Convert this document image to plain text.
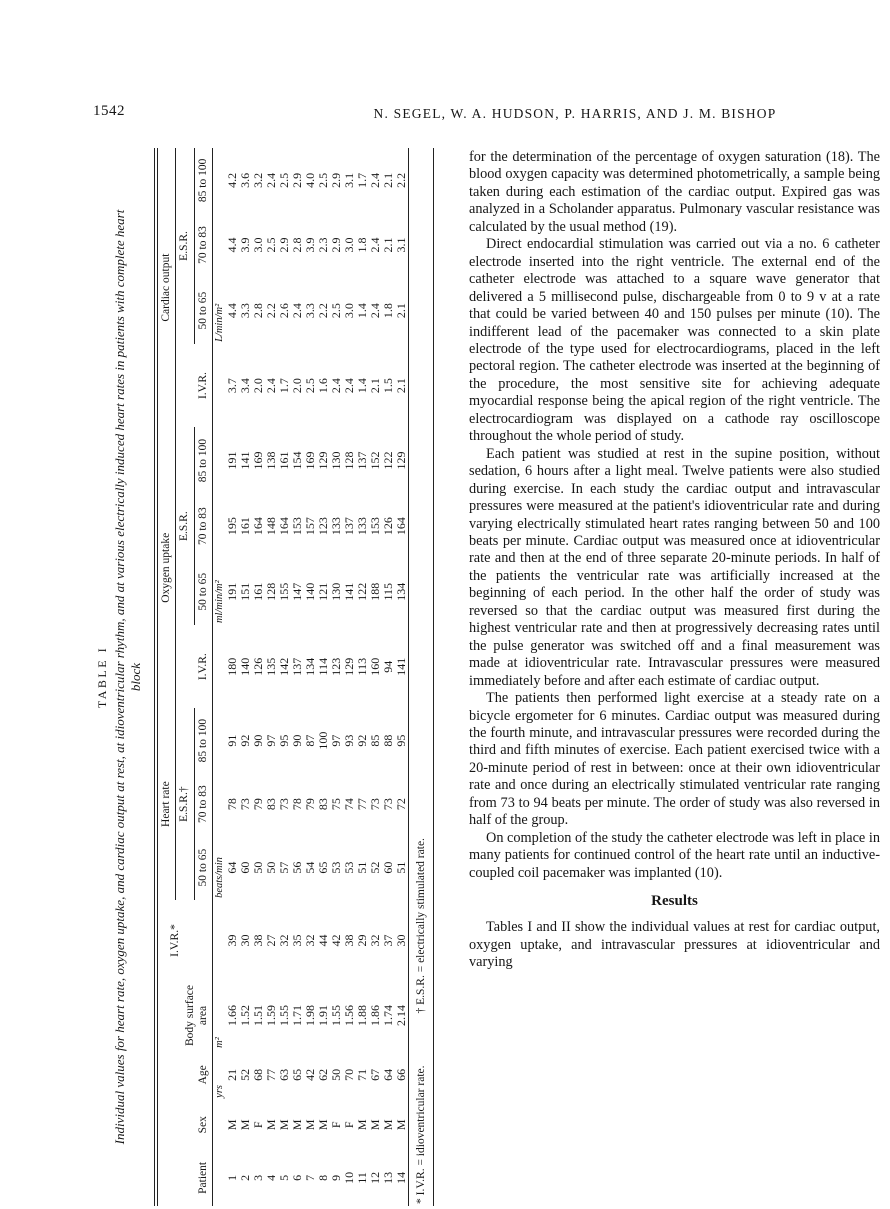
1542	N. SEGEL, W. A. HUDSON, P. HARRIS, AND J. M. BISHOP
TABLE I Individual values for heart rate, oxygen uptake, and cardiac output at rest, at idioventricular rhythm, and at various electrically induced heart rates in patients with complete heart block
Patient	Sex	Age	Body surface area	I.V.R.*	Heart rate			Oxygen uptake				Cardiac output			
					E.S.R.†				E.S.R.				E.S.R.		
					50 to 65	70 to 83	85 to 100	I.V.R.	50 to 65	70 to 83	85 to 100	I.V.R.	50 to 65	70 to 83	85 to 100
		yrs	m²		beats/min				ml/min/m²				L/min/m²		
1	M	21	1.66	39	64	78	91	180	191	195	191	3.7	4.4	4.4	4.2
2	M	52	1.52	30	60	73	92	140	151	161	141	3.4	3.3	3.9	3.6
3	F	68	1.51	38	50	79	90	126	161	164	169	2.0	2.8	3.0	3.2
4	M	77	1.59	27	50	83	97	135	128	148	138	2.4	2.2	2.5	2.4
5	M	63	1.55	32	57	73	95	142	155	164	161	1.7	2.6	2.9	2.5
6	M	65	1.71	35	56	78	90	137	147	153	154	2.0	2.4	2.8	2.9
7	M	42	1.98	32	54	79	87	134	140	157	169	2.5	3.3	3.9	4.0
8	M	62	1.91	44	65	83	100	114	121	123	129	1.6	2.2	2.3	2.5
9	F	50	1.55	42	53	75	97	123	130	133	130	2.4	2.5	2.9	2.9
10	F	70	1.56	38	53	74	93	129	141	137	128	2.4	3.0	3.0	3.1
11	M	71	1.88	29	51	77	92	113	122	133	137	1.4	1.4	1.8	1.7
12	M	67	1.86	32	52	73	85	160	188	153	152	2.1	2.4	2.4	2.4
13	M	64	1.74	37	60	73	88	94	115	126	122	1.5	1.8	2.1	2.1
14	M	66	2.14	30	51	72	95	141	134	164	129	2.1	2.1	3.1	2.2
* I.V.R. = idioventricular rate.
† E.S.R. = electrically stimulated rate.

for the determination of the percentage of oxygen saturation (18). The blood oxygen capacity was determined photometrically, a sample being taken during each estimation of the cardiac output. Expired gas was analyzed in a Scholander apparatus. Pulmonary vascular resistance was calculated by the usual method (19).

Direct endocardial stimulation was carried out via a no. 6 catheter electrode inserted into the right ventricle. The external end of the catheter electrode was attached to a square wave generator that delivered a 5 millisecond pulse, dischargeable from 0 to 9 v at a rate that could be varied between 40 and 150 pulses per minute (10). The indifferent lead of the pacemaker was connected to a skin plate electrode of the type used for electrocardiograms, placed in the left pectoral region. The catheter electrode was inserted at the beginning of the procedure, the most sensitive site for achieving adequate myocardial response being the apical region of the right ventricle. The electrocardiogram was displayed on a cathode ray oscilloscope throughout the whole period of study.

Each patient was studied at rest in the supine position, without sedation, 6 hours after a light meal. Twelve patients were also studied during exercise. In each study the cardiac output and intravascular pressures were measured at the patient's idioventricular rate and during varying electrically stimulated heart rates ranging between 50 and 100 beats per minute. Cardiac output was measured once at idioventricular rate and then at the end of three separate 20-minute periods. In half of the patients the ventricular rate was artificially increased at the beginning of each period. In the other half the order of study was reversed so that the cardiac output was measured first during the highest ventricular rate and then at progressively decreasing rates until the pulse generator was switched off and a final measurement was made at idioventricular rate. Intravascular pressures were measured immediately before and after each estimate of cardiac output.

The patients then performed light exercise at a steady rate on a bicycle ergometer for 6 minutes. Cardiac output was measured during the fourth minute, and intravascular pressures were recorded during the third and fifth minutes of exercise. Each patient exercised twice with a 20-minute period of rest in between: once at their own idioventricular rate and once during an electrically stimulated ventricular rate ranging from 73 to 94 beats per minute. The order of study was also reversed in half of the group.

On completion of the study the catheter electrode was left in place in many patients for continued control of the heart rate until an inductive-coupled coil pacemaker was implanted (10).

Results

Tables I and II show the individual values at rest for cardiac output, oxygen uptake, and intravascular pressures at idioventricular and varying
